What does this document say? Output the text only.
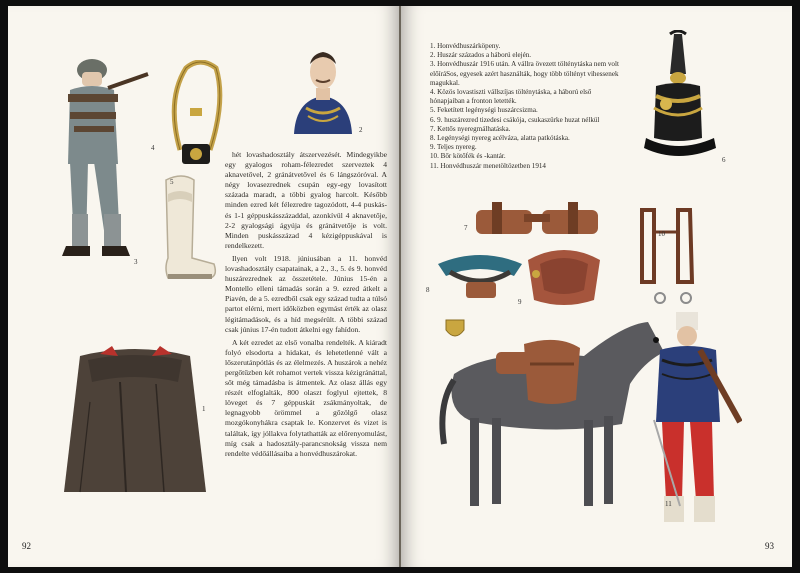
1
2
3
4
5

hét lovashadosztály átszervezését. Mindegyikbe egy gyalogos roham-félezredet szerveztek 4 aknavetővel, 2 gránátvetővel és 6 lángszóróval. A négy lovasezrednek csupán egy-egy lovasított százada maradt, a többi gyalog harcolt. Később minden ezred két félezredre tagozódott, 4-4 puskás- és 1-1 géppuskásszázaddal, azonkívül 4 aknavetője, 2-2 gyalogsági ágyúja és gránátvetője is volt. Minden puskásszázad 4 kézigéppuskával is rendelkezett.

Ilyen volt 1918. júniusában a 11. honvéd lovashadosztály csapatainak, a 2., 3., 5. és 9. honvéd huszárezrednek az összetétele. Június 15-én a Montello elleni támadás során a 9. ezred átkelt a Piavén, de a 5. ezredből csak egy század tudta a túlsó partot elérni, mert időközben egymást érték az olasz légitámadások, és a híd megsérült. A többi század csak június 17-én tudott átkelni egy fahídon.

A két ezredet az első vonalba rendelték. A kiáradt folyó elsodorta a hidakat, és lehetetlenné vált a lőszerutánpótlás és az élelmezés. A huszárok a nehéz pergőtűzben két rohamot vertek vissza kézigránáttal, sőt még támadásba is átmentek. Az olasz állás egy részét elfoglalták, 800 olaszt foglyul ejtettek, 8 löveget és 7 géppuskát zsákmányoltak, de legnagyobb örömmel a gőzölgő olasz mozgókonyhákra csaptak le. Konzervet és vizet is találtak, így jóllakva folytathatták az előrenyomulást, míg csak a hadosztály-parancsnokság vissza nem rendelte védőállásaiba a honvédhuszárokat.

92
1. Honvédhuszárköpeny.
2. Huszár százados a háború elején.
3. Honvédhuszár 1916 után. A vállra övezett tölténytáska nem volt előíráSos, egyesek azért használták, hogy több töltényt vihessenek magukkal.
4. Közös lovastiszti vállszíjas tölténytáska, a háború első hónapjaiban a fronton letették.
5. Feketített legénységi huszárcsizma.
6. 9. huszárezred tizedesi csákója, csukaszürke huzat nélkül
7. Kettős nyeregmálhatáska.
8. Legénységi nyereg acélváza, alatta patkótáska.
9. Teljes nyereg.
10. Bőr kötőfék és -kantár.
11. Honvédhuszár menetöltözetben 1914
6
7
8
9
10
11
93
